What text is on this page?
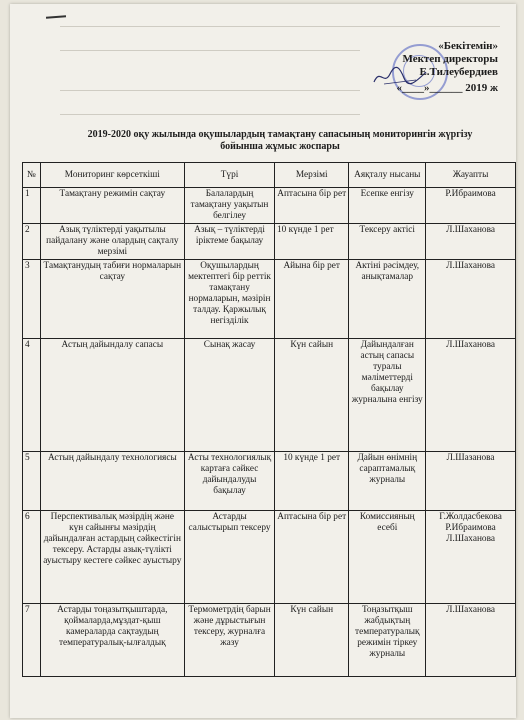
«Бекітемін»
Мектеп директоры
Е.Тилеубердиев
«____»______ 2019 ж
2019-2020 оқу жылында оқушылардың тамақтану сапасының мониторингін жүргізу
бойынша жұмыс жоспары
№	Мониторинг көрсеткіші	Түрі	Мерзімі	Аяқталу нысаны	Жауапты
1	Тамақтану режимін сақтау	Балалардың тамақтану уақытын белгілеу	Аптасына бір рет	Есепке енгізу	Р.Ибраимова
2	Азық түліктерді уақытылы пайдалану және олардың сақталу мерзімі	Азық – түліктерді іріктеме бақылау	10 күнде 1 рет	Тексеру актісі	Л.Шаханова
3	Тамақтанудың табиғи нормаларын сақтау	Оқушылардың мектептегі бір реттік тамақтану нормаларын, мәзірін талдау. Қаржылық негізділік	Айына бір рет	Актіні рәсімдеу, анықтамалар	Л.Шаханова
4	Астың дайындалу сапасы	Сынақ жасау	Күн сайын	Дайындалған астың сапасы туралы мәліметтерді бақылау журналына енгізу	Л.Шаханова
5	Астың дайындалу технологиясы	Асты технологиялық картаға сәйкес дайындалуды бақылау	10 күнде 1 рет	Дайын өнімнің сараптамалық журналы	Л.Шазанова
6	Перспективалық мәзірдің және күн сайынғы мәзірдің дайындалған астардың сәйкестігін тексеру. Астарды азық-түлікті ауыстыру кестеге сәйкес ауыстыру	Астарды салыстырып тексеру	Аптасына бір рет	Комиссияның есебі	Г.Жолдасбекова Р.Ибраимова Л.Шаханова
7	Астарды тоңазытқыштарда, қоймаларда,мұздат-қыш камераларда сақтаудың температуралық-ылғалдық	Термометрдің барын және дұрыстығын тексеру, журналға жазу	Күн сайын	Тоңазытқыш жабдықтың температуралық режимін тіркеу журналы	Л.Шаханова
